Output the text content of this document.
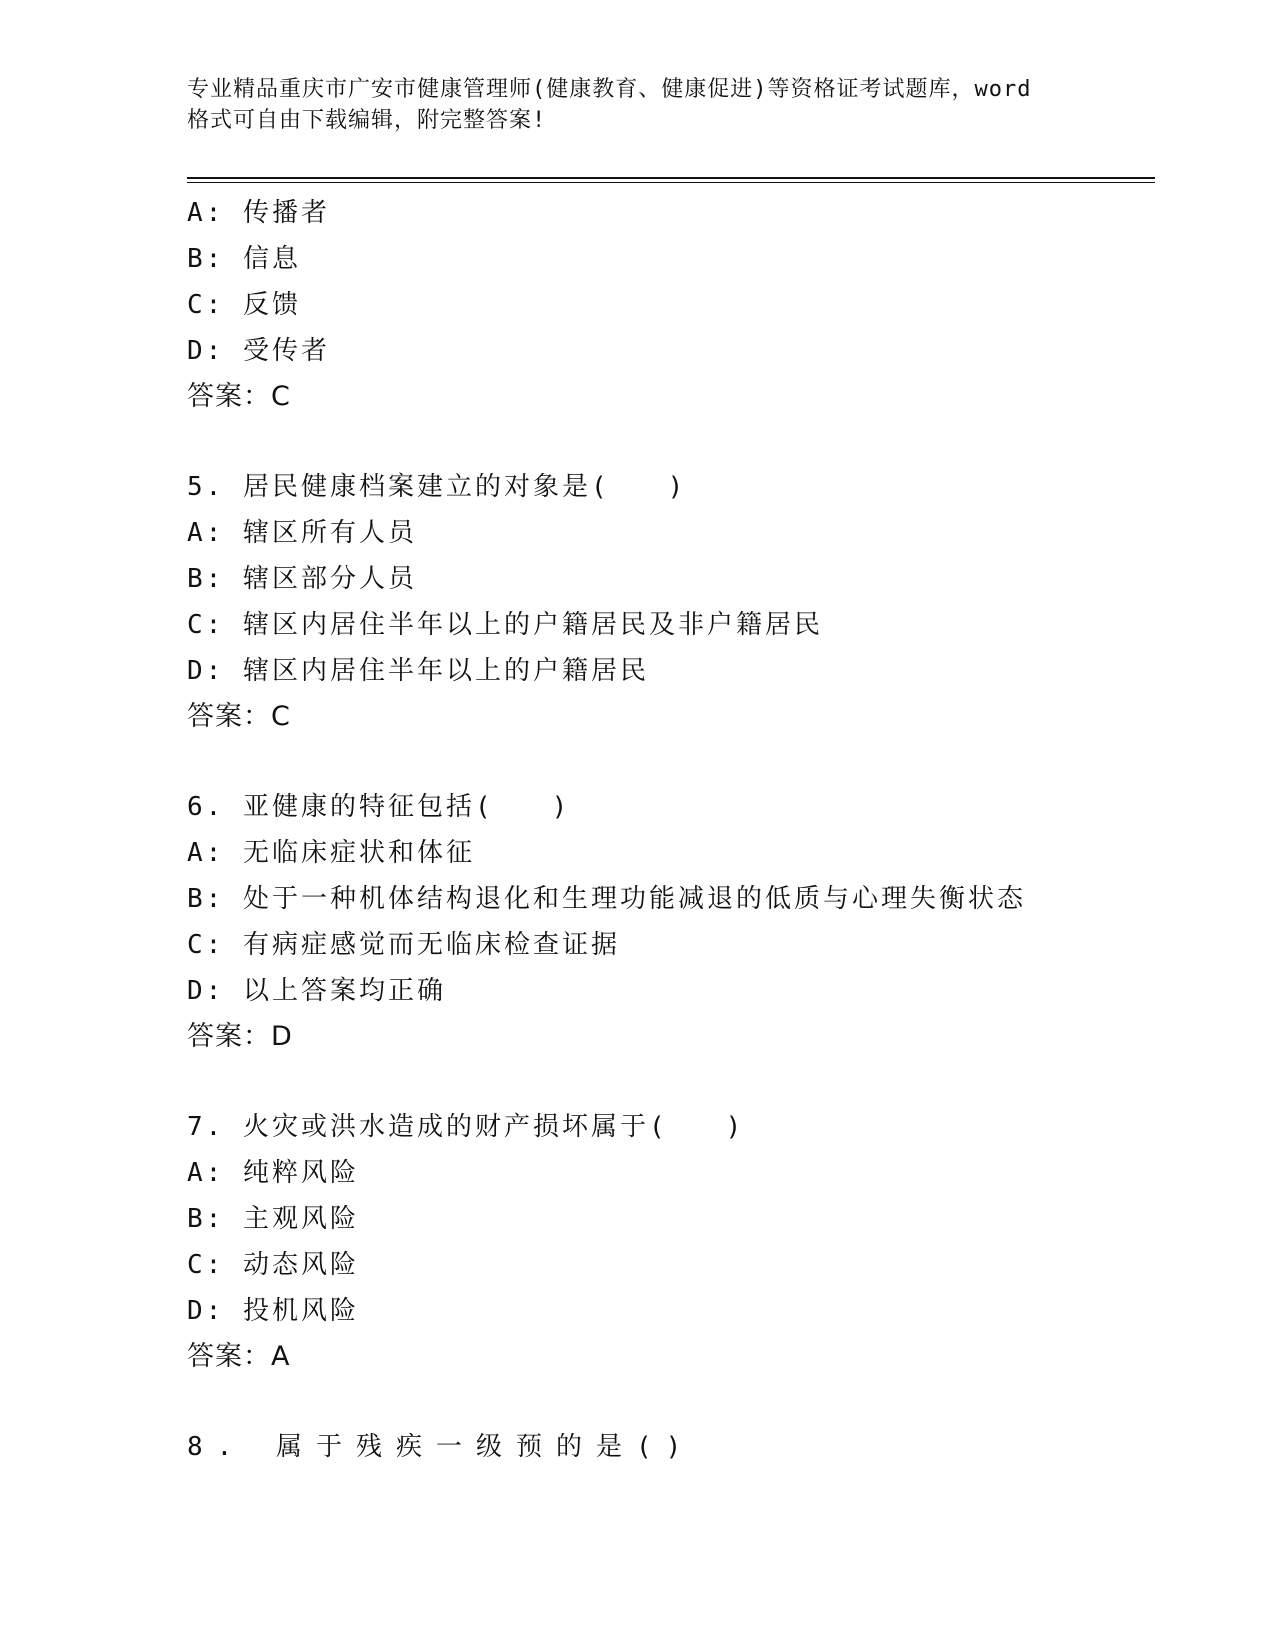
专业精品重庆市广安市健康管理师(健康教育、健康促进)等资格证考试题库，word
格式可自由下载编辑，附完整答案!
A: 传播者
B: 信息
C: 反馈
D: 受传者
答案：C
5. 居民健康档案建立的对象是(　　)
A: 辖区所有人员
B: 辖区部分人员
C: 辖区内居住半年以上的户籍居民及非户籍居民
D: 辖区内居住半年以上的户籍居民
答案：C
6. 亚健康的特征包括(　　)
A: 无临床症状和体征
B: 处于一种机体结构退化和生理功能减退的低质与心理失衡状态
C: 有病症感觉而无临床检查证据
D: 以上答案均正确
答案：D
7. 火灾或洪水造成的财产损坏属于(　　)
A: 纯粹风险
B: 主观风险
C: 动态风险
D: 投机风险
答案：A
8. 属于残疾一级预的是()
